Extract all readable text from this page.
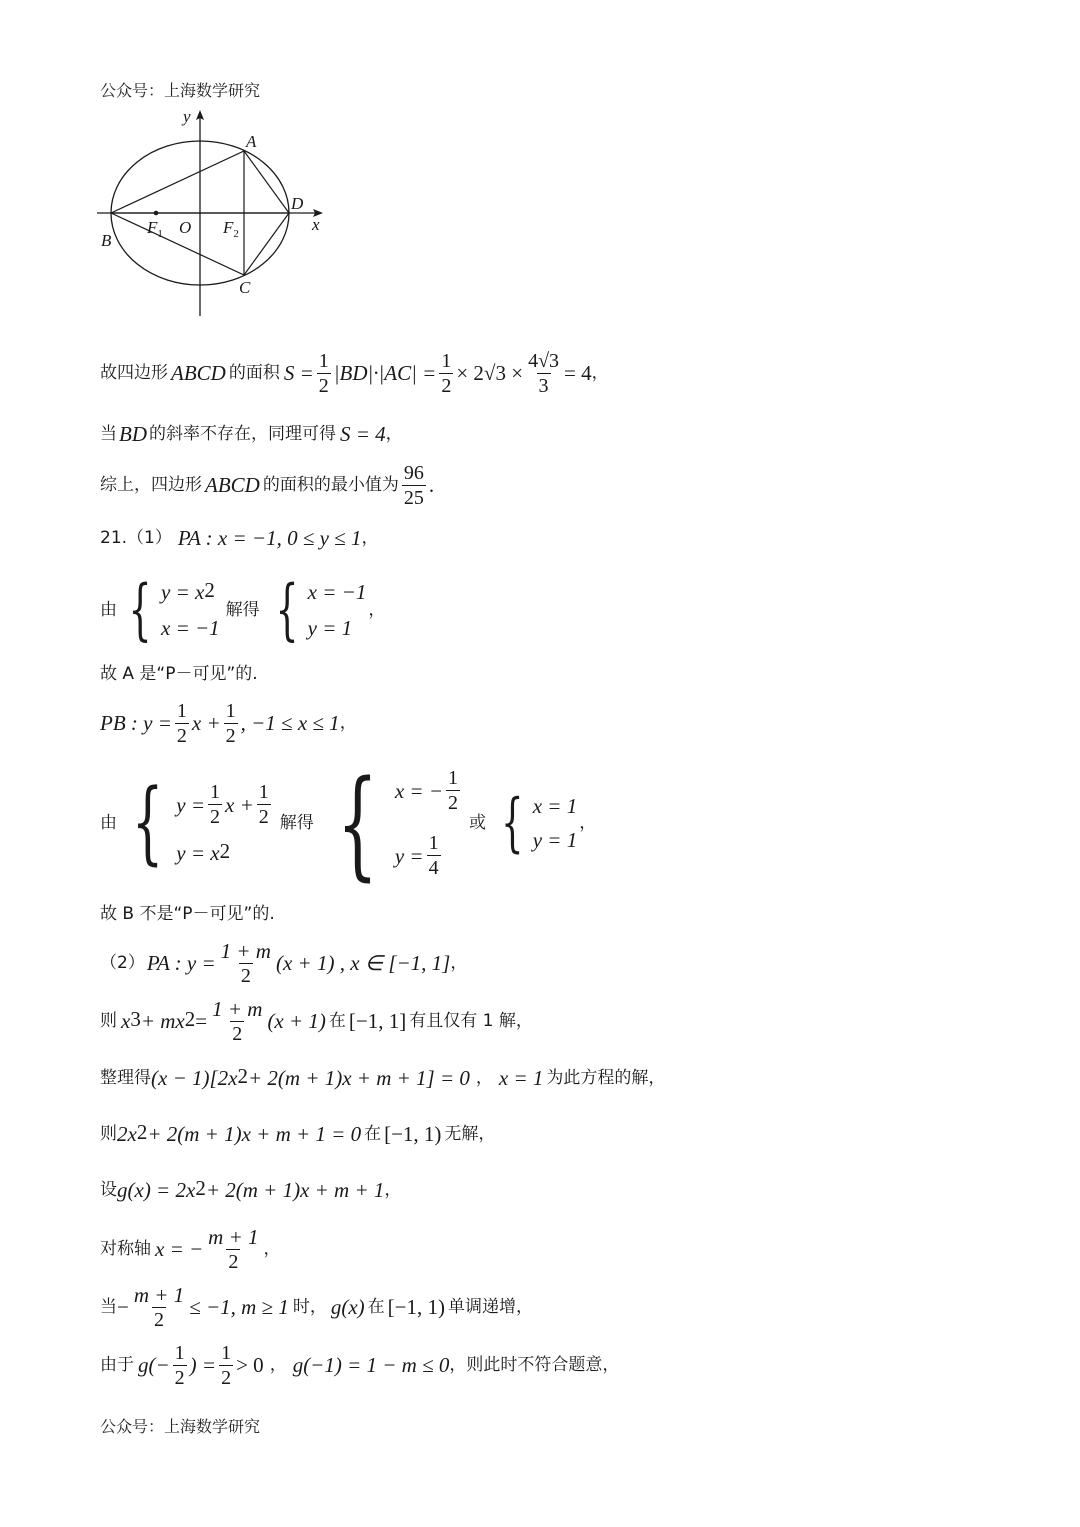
公众号：上海数学研究
y
x
A
B
C
D
$F_1$ O $F_2$
故四边形 ABCD 的面积 $S = \frac{1}{2} |BD|\cdot|AC| = \frac{1}{2} \times 2√3 \times \frac{4√3}{3} = 4$ ，
当 BD 的斜率不存在，同理可得 S = 4 ，
综上，四边形 ABCD 的面积的最小值为 $\frac{96}{25}$ .
21.（1） PA : x = −1, 0 ≤ y ≤ 1 ，
由 { $y = x^2$
x = −1
解得 { x = −1
y = 1
，
故 A 是“P－可见”的.
PB : $y = \frac{1}{2}$ $x + \frac{1}{2}$ , −1 ≤ x ≤ 1 ，
由 { $y = \frac{1}{2}$ $x + \frac{1}{2}$
$y = x^2$
解得 { x = − $\frac{1}{2}$
$y = \frac{1}{4}$
或 { x = 1
y = 1
，
故 B 不是“P－可见”的.
（2） PA : $y = \frac{1 + m}{2} (x + 1)$ , x ∈ [−1, 1] ，
则 $x^3 + mx^2 = \frac{1 + m}{2} (x + 1)$ 在 [−1, 1] 有且仅有 1 解，
整理得 $(x - 1)[2x^2 + 2(m + 1)x + m + 1] = 0$ ， x = 1 为此方程的解，
则 $2x^2 + 2(m + 1)x + m + 1 = 0$ 在 [−1, 1) 无解，
设 $g(x) = 2x^2 + 2(m + 1)x + m + 1$ ，
对称轴 x = − $\frac{m + 1}{2}$ ，
当 − $\frac{m + 1}{2} \le -1$, m ≥ 1 时， g(x) 在 [−1, 1) 单调递增，
由于 $g(- \frac{1}{2}$ ) = $\frac{1}{2} > 0$ ， g(−1) = 1 − m ≤ 0 ，则此时不符合题意，
公众号：上海数学研究
